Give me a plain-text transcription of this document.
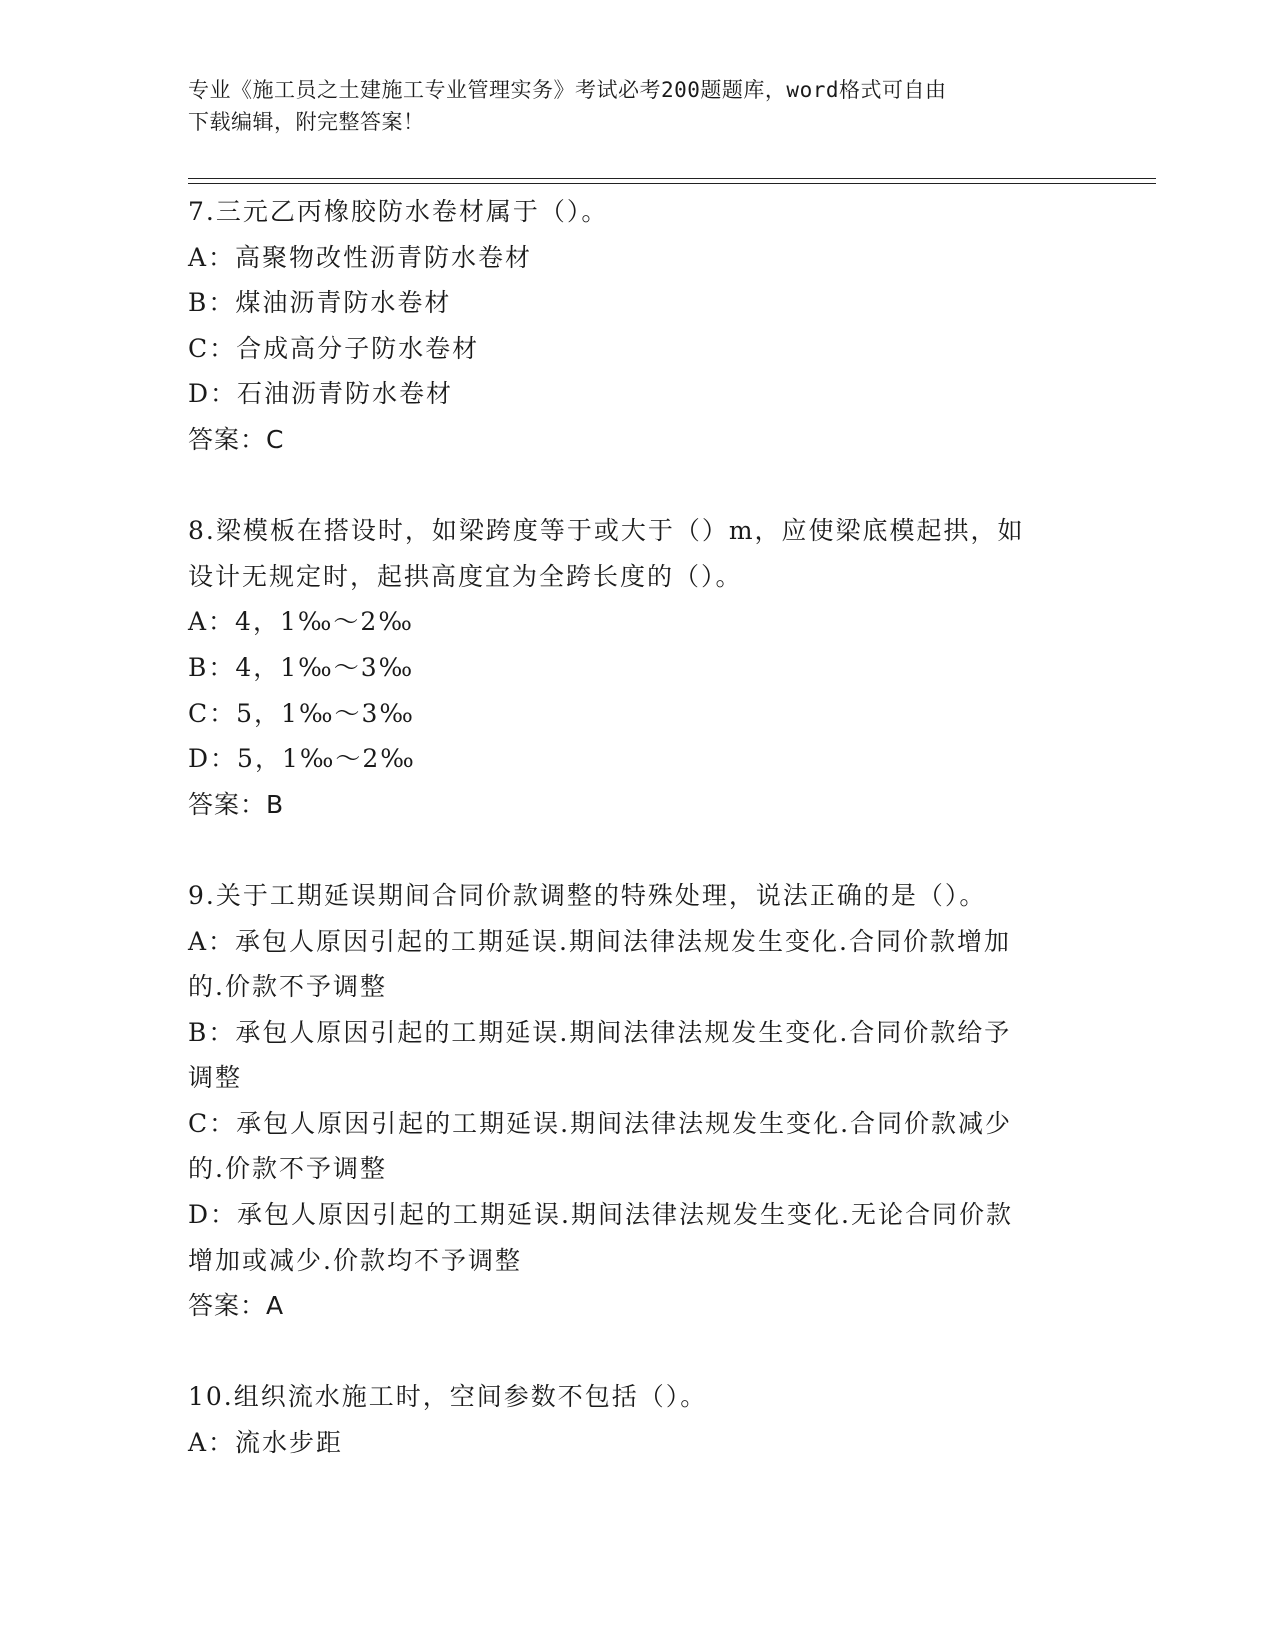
专业《施工员之土建施工专业管理实务》考试必考200题题库，word格式可自由
下载编辑，附完整答案！
7.三元乙丙橡胶防水卷材属于（）。
A：高聚物改性沥青防水卷材
B：煤油沥青防水卷材
C：合成高分子防水卷材
D：石油沥青防水卷材
答案：C
8.梁模板在搭设时，如梁跨度等于或大于（）m，应使梁底模起拱，如
设计无规定时，起拱高度宜为全跨长度的（）。
A：4，1‰～2‰
B：4，1‰～3‰
C：5，1‰～3‰
D：5，1‰～2‰
答案：B
9.关于工期延误期间合同价款调整的特殊处理，说法正确的是（）。
A：承包人原因引起的工期延误.期间法律法规发生变化.合同价款增加
的.价款不予调整
B：承包人原因引起的工期延误.期间法律法规发生变化.合同价款给予
调整
C：承包人原因引起的工期延误.期间法律法规发生变化.合同价款减少
的.价款不予调整
D：承包人原因引起的工期延误.期间法律法规发生变化.无论合同价款
增加或减少.价款均不予调整
答案：A
10.组织流水施工时，空间参数不包括（）。
A：流水步距
